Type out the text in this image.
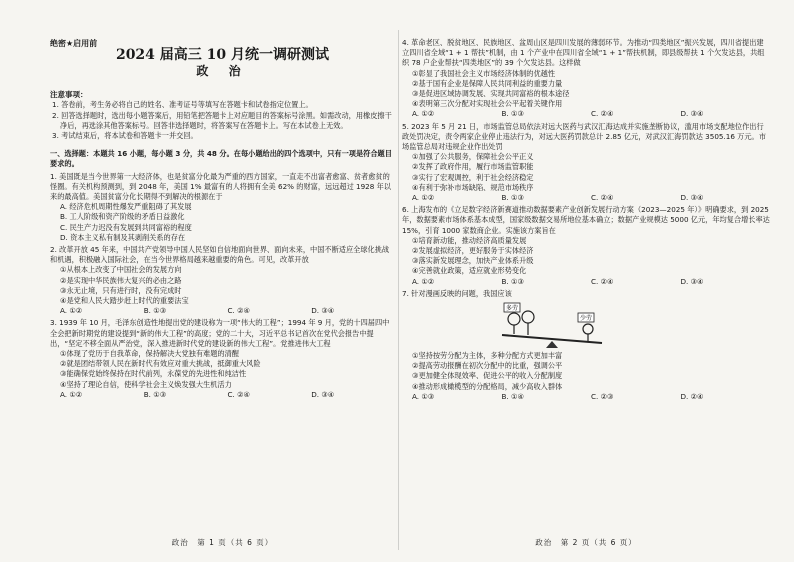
绝密★启用前
2024 届高三 10 月统一调研测试
政 治
注意事项：
1. 答卷前，考生务必将自己的姓名、准考证号等填写在答题卡和试卷指定位置上。
2. 回答选择题时，选出每小题答案后，用铅笔把答题卡上对应题目的答案标号涂黑。如需改动，用橡皮擦干净后，再选涂其他答案标号。回答非选择题时，将答案写在答题卡上。写在本试卷上无效。
3. 考试结束后，将本试卷和答题卡一并交回。
一、选择题：本题共 16 小题，每小题 3 分，共 48 分。在每小题给出的四个选项中，只有一项是符合题目要求的。
1. 美国既是当今世界第一大经济体，也是贫富分化最为严重的西方国家，一直走不出富者愈富、贫者愈贫的怪圈。有关机构预测到，到 2048 年，美国 1% 最富有的人将拥有全美 62% 的财富，远远超过 1928 年以来的最高值。美国贫富分化长期得不到解决的根源在于
A. 经济危机周期性爆发严重阻碍了其发展
B. 工人阶级和资产阶级的矛盾日益激化
C. 民生产力迟没有发展到共同富裕的程度
D. 资本主义私有制及其剥削关系的存在
2. 改革开放 45 年来，中国共产党领导中国人民坚如自信地面向世界、面向未来，中国不断适应全球化挑战和机遇，积极融入国际社会，在当今世界格局越来越重要的角色。可见，改革开放
①从根本上改变了中国社会的发展方向
②是实现中华民族伟大复兴的必由之路
③永无止境，只有进行时，没有完成时
④是党和人民大踏步赶上时代的重要法宝
A. ①②	B. ①③	C. ②④	D. ③④
3. 1939 年 10 月，毛泽东创造性地提出党的建设称为一项“伟大的工程”；1994 年 9 月，党的十四届四中全会把新时期党的建设提到“新的伟大工程”的高度；党的二十大，习近平总书记首次在党代会报告中提出，“坚定不移全面从严治党，深入推进新时代党的建设新的伟大工程”。党推进伟大工程
①体现了党历于自我革命，保持解决大党独有难题的清醒
②就是团结带领人民在新时代有效应对重大挑战，抵御重大风险
③能确保党始终保持在时代前列，永葆党的先进性和纯洁性
④坚持了理论自信，使科学社会主义焕发强大生机活力
A. ①②	B. ①③	C. ②④	D. ③④
政治　第 1 页（共 6 页）
4. 革命老区、脱贫地区、民族地区、盆周山区是四川发展的薄弱环节。为推动“四类地区”振兴发展，四川省提出建立四川省全域“1 + 1 帮扶”机制，由 1 个产业中在四川省全域“1 + 1”帮扶机制，即县级帮扶 1 个欠发达县，共组织 78 户企业帮扶“四类地区”的 39 个欠发达县。这样做
①彰显了我国社会主义市场经济体制的优越性
②基于国有企业是保障人民共同利益的重要力量
③是促进区域协调发展、实现共同富裕的根本途径
④表明第三次分配对实现社会公平起着关键作用
A. ①②	B. ①③	C. ②④	D. ③④
5. 2023 年 5 月 21 日，市场监管总局依法对远大医药与武汉汇海达成并实施垄断协议，滥用市场支配地位作出行政处罚决定，责令两家企业停止违法行为，对远大医药罚款总计 2.85 亿元，对武汉汇海罚款达 3505.16 万元。市场监管总局对违规企业作出处罚
①加强了公共服务，保障社会公平正义
②发挥了政府作用，履行市场监管职能
③实行了宏观调控，利于社会经济稳定
④有利于弥补市场缺陷、规范市场秩序
A. ①②	B. ①③	C. ②④	D. ③④
6. 上海发布的《立足数字经济新赛道推动数据要素产业创新发展行动方案（2023—2025 年）》明确要求，到 2025 年，数据要素市场体系基本成型，国家级数据交易所地位基本确立；数据产业规模达 5000 亿元，年均复合增长率达 15%，引育 1000 家数商企业。实施该方案旨在
①培育新动能，推动经济高质量发展
②发展虚拟经济，更好服务于实体经济
③落实新发展理念，加快产业体系升级
④完善就业政策，适应就业形势变化
A. ①②	B. ①③	C. ②④	D. ③④
7. 针对漫画反映的问题，我国应该
多劳
少劳
①坚持按劳分配为主体，多种分配方式更加丰富
②提高劳动报酬在初次分配中的比重，强调公平
③更加健全体现效率、促进公平的收入分配制度
④推动形成橄榄型的分配格局，减少高收入群体
A. ①③	B. ①④	C. ②③	D. ②④
政治　第 2 页（共 6 页）
